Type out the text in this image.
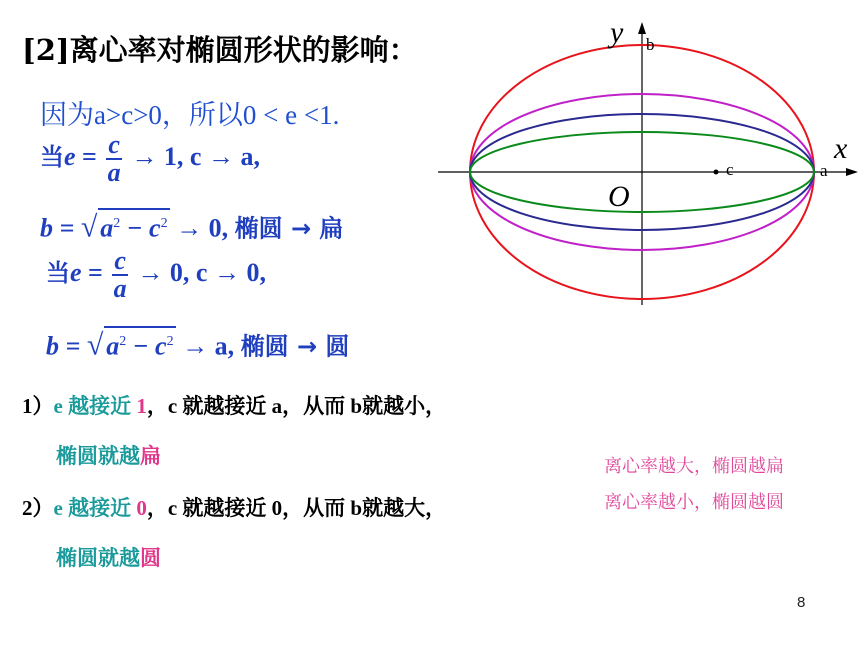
[2]离心率对椭圆形状的影响：
因为a>c>0，所以0 < e <1.
当$e = \frac{c}{a} \to 1$, c → a,
b = √ $a^2 - c^2 \to 0$, 椭圆 → 扁
当$e = \frac{c}{a} \to 0$, c → 0,
b = √ $a^2 - c^2 \to a$, 椭圆 → 圆
1）e 越接近 1，c 就越接近 a，从而 b就越小，
椭圆就越扁
2）e 越接近 0，c 就越接近 0，从而 b就越大，
椭圆就越圆
离心率越大，椭圆越扁
离心率越小，椭圆越圆
y b
x
O
c	a
8
